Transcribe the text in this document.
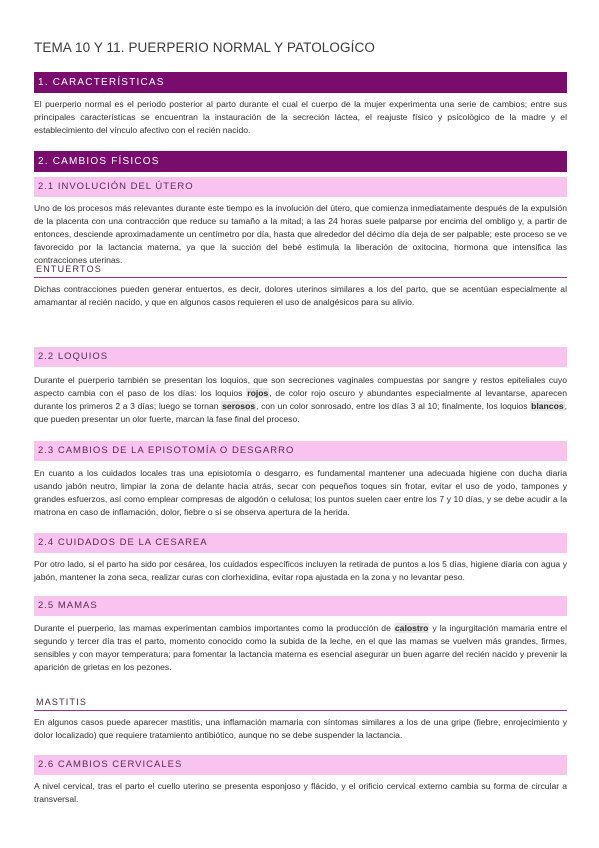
TEMA 10 Y 11. PUERPERIO NORMAL Y PATOLOGÍCO
1. CARACTERÍSTICAS

El puerperio normal es el periodo posterior al parto durante el cual el cuerpo de la mujer experimenta una serie de cambios; entre sus principales características se encuentran la instauración de la secreción láctea, el reajuste físico y psicológico de la madre y el establecimiento del vínculo afectivo con el recién nacido.

2. CAMBIOS FÍSICOS
2.1 INVOLUCIÓN DEL ÚTERO

Uno de los procesos más relevantes durante este tiempo es la involución del útero, que comienza inmediatamente después de la expulsión de la placenta con una contracción que reduce su tamaño a la mitad; a las 24 horas suele palparse por encima del ombligo y, a partir de entonces, desciende aproximadamente un centímetro por día, hasta que alrededor del décimo día deja de ser palpable; este proceso se ve favorecido por la lactancia materna, ya que la succión del bebé estimula la liberación de oxitocina, hormona que intensifica las contracciones uterinas.

ENTUERTOS

Dichas contracciones pueden generar entuertos, es decir, dolores uterinos similares a los del parto, que se acentúan especialmente al amamantar al recién nacido, y que en algunos casos requieren el uso de analgésicos para su alivio.

2.2 LOQUIOS

Durante el puerperio también se presentan los loquios, que son secreciones vaginales compuestas por sangre y restos epiteliales cuyo aspecto cambia con el paso de los días: los loquios rojos, de color rojo oscuro y abundantes especialmente al levantarse, aparecen durante los primeros 2 a 3 días; luego se tornan serosos, con un color sonrosado, entre los días 3 al 10; finalmente, los loquios blancos, que pueden presentar un olor fuerte, marcan la fase final del proceso.

2.3 CAMBIOS DE LA EPISOTOMÍA O DESGARRO

En cuanto a los cuidados locales tras una episiotomía o desgarro, es fundamental mantener una adecuada higiene con ducha diaria usando jabón neutro, limpiar la zona de delante hacia atrás, secar con pequeños toques sin frotar, evitar el uso de yodo, tampones y grandes esfuerzos, así como emplear compresas de algodón o celulosa; los puntos suelen caer entre los 7 y 10 días, y se debe acudir a la matrona en caso de inflamación, dolor, fiebre o si se observa apertura de la herida.

2.4 CUIDADOS DE LA CESAREA

Por otro lado, si el parto ha sido por cesárea, los cuidados específicos incluyen la retirada de puntos a los 5 días, higiene diaria con agua y jabón, mantener la zona seca, realizar curas con clorhexidina, evitar ropa ajustada en la zona y no levantar peso.

2.5 MAMAS

Durante el puerperio, las mamas experimentan cambios importantes como la producción de calostro y la ingurgitación mamaria entre el segundo y tercer día tras el parto, momento conocido como la subida de la leche, en el que las mamas se vuelven más grandes, firmes, sensibles y con mayor temperatura; para fomentar la lactancia materna es esencial asegurar un buen agarre del recién nacido y prevenir la aparición de grietas en los pezones.

MASTITIS

En algunos casos puede aparecer mastitis, una inflamación mamaria con síntomas similares a los de una gripe (fiebre, enrojecimiento y dolor localizado) que requiere tratamiento antibiótico, aunque no se debe suspender la lactancia.

2.6 CAMBIOS CERVICALES

A nivel cervical, tras el parto el cuello uterino se presenta esponjoso y flácido, y el orificio cervical externo cambia su forma de circular a transversal.
